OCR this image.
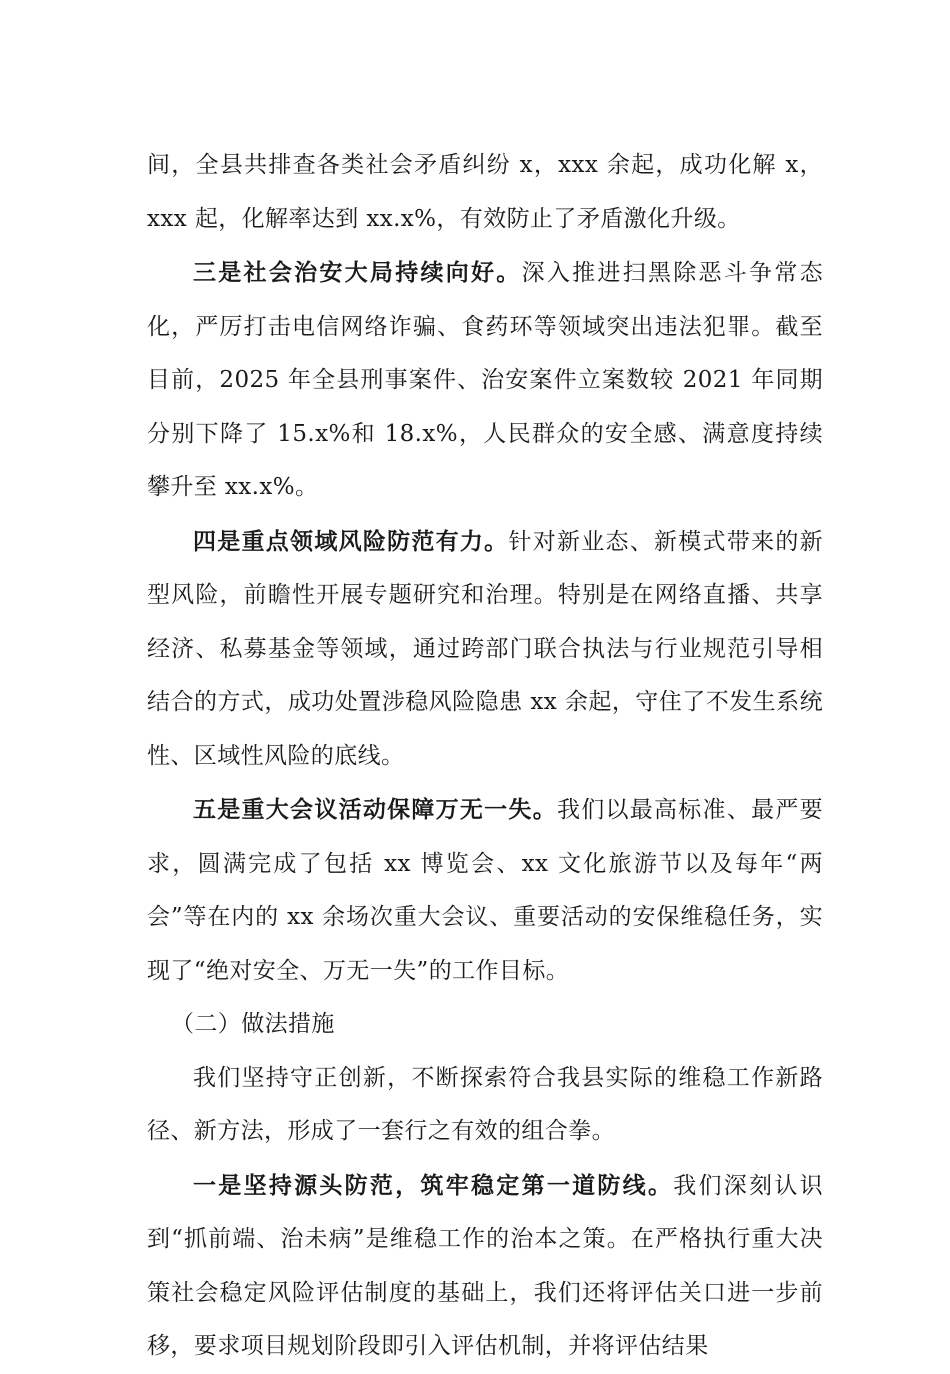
间，全县共排查各类社会矛盾纠纷 x，xxx 余起，成功化解 x，xxx 起，化解率达到 xx.x%，有效防止了矛盾激化升级。

三是社会治安大局持续向好。深入推进扫黑除恶斗争常态化，严厉打击电信网络诈骗、食药环等领域突出违法犯罪。截至目前，2025 年全县刑事案件、治安案件立案数较 2021 年同期分别下降了 15.x%和 18.x%，人民群众的安全感、满意度持续攀升至 xx.x%。

四是重点领域风险防范有力。针对新业态、新模式带来的新型风险，前瞻性开展专题研究和治理。特别是在网络直播、共享经济、私募基金等领域，通过跨部门联合执法与行业规范引导相结合的方式，成功处置涉稳风险隐患 xx 余起，守住了不发生系统性、区域性风险的底线。

五是重大会议活动保障万无一失。我们以最高标准、最严要求，圆满完成了包括 xx 博览会、xx 文化旅游节以及每年“两会”等在内的 xx 余场次重大会议、重要活动的安保维稳任务，实现了“绝对安全、万无一失”的工作目标。

（二）做法措施

我们坚持守正创新，不断探索符合我县实际的维稳工作新路径、新方法，形成了一套行之有效的组合拳。

一是坚持源头防范，筑牢稳定第一道防线。我们深刻认识到“抓前端、治未病”是维稳工作的治本之策。在严格执行重大决策社会稳定风险评估制度的基础上，我们还将评估关口进一步前移，要求项目规划阶段即引入评估机制，并将评估结果
